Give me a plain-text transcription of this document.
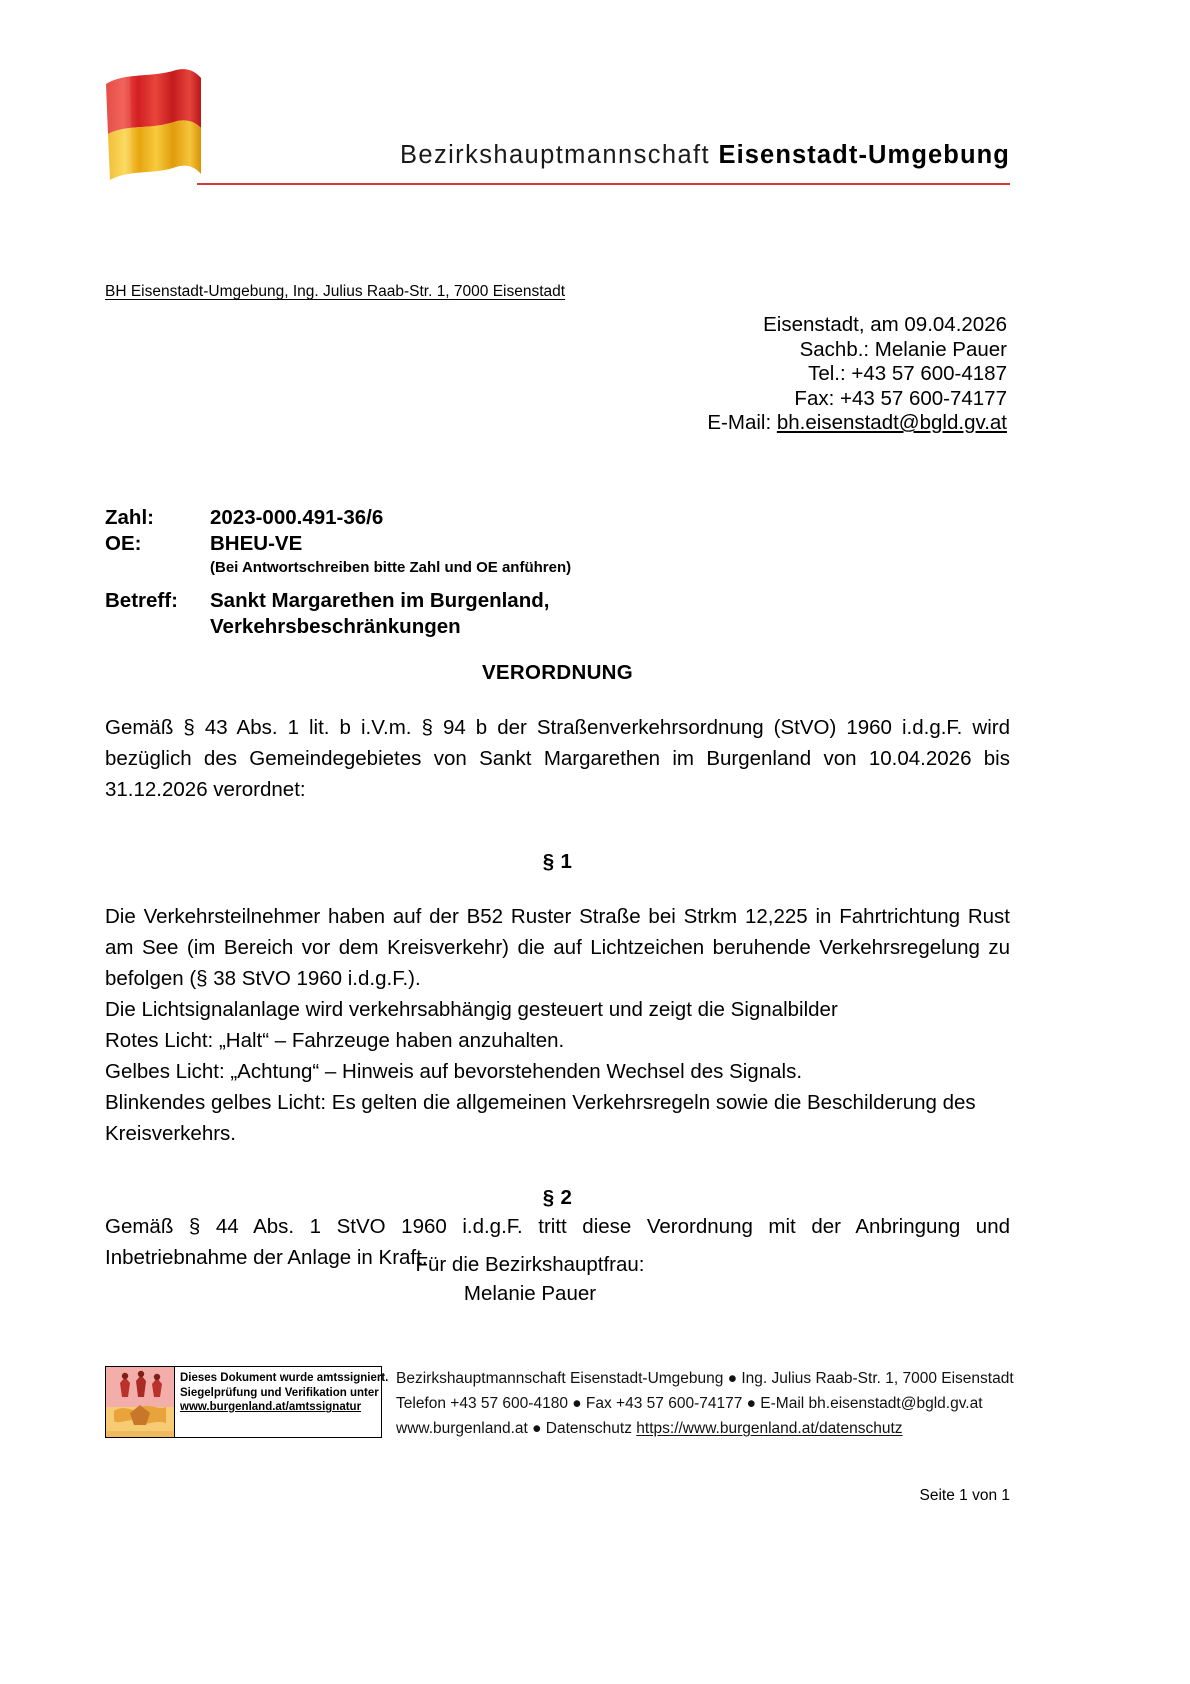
Bezirkshauptmannschaft Eisenstadt-Umgebung
BH Eisenstadt-Umgebung, Ing. Julius Raab-Str. 1, 7000 Eisenstadt
Eisenstadt, am 09.04.2026
Sachb.: Melanie Pauer
Tel.: +43 57 600-4187
Fax: +43 57 600-74177
E-Mail: bh.eisenstadt@bgld.gv.at
Zahl:	2023-000.491-36/6
OE:	BHEU-VE
(Bei Antwortschreiben bitte Zahl und OE anführen)
Betreff:	Sankt Margarethen im Burgenland,
Verkehrsbeschränkungen
VERORDNUNG
Gemäß § 43 Abs. 1 lit. b i.V.m. § 94 b der Straßenverkehrsordnung (StVO) 1960 i.d.g.F. wird bezüglich des Gemeindegebietes von Sankt Margarethen im Burgenland von 10.04.2026 bis 31.12.2026 verordnet:
§ 1
Die Verkehrsteilnehmer haben auf der B52 Ruster Straße bei Strkm 12,225 in Fahrtrichtung Rust am See (im Bereich vor dem Kreisverkehr) die auf Lichtzeichen beruhende Verkehrsregelung zu befolgen (§ 38 StVO 1960 i.d.g.F.).
Die Lichtsignalanlage wird verkehrsabhängig gesteuert und zeigt die Signalbilder
Rotes Licht: „Halt“ – Fahrzeuge haben anzuhalten.
Gelbes Licht: „Achtung“ – Hinweis auf bevorstehenden Wechsel des Signals.
Blinkendes gelbes Licht: Es gelten die allgemeinen Verkehrsregeln sowie die Beschilderung des Kreisverkehrs.
§ 2
Gemäß § 44 Abs. 1 StVO 1960 i.d.g.F. tritt diese Verordnung mit der Anbringung und Inbetriebnahme der Anlage in Kraft.
Für die Bezirkshauptfrau:
Melanie Pauer
Dieses Dokument wurde amtssigniert.
Siegelprüfung und Verifikation unter
www.burgenland.at/amtssignatur
Bezirkshauptmannschaft Eisenstadt-Umgebung ● Ing. Julius Raab-Str. 1, 7000 Eisenstadt
Telefon +43 57 600-4180 ● Fax +43 57 600-74177 ● E-Mail bh.eisenstadt@bgld.gv.at
www.burgenland.at ● Datenschutz https://www.burgenland.at/datenschutz
Seite 1 von 1
